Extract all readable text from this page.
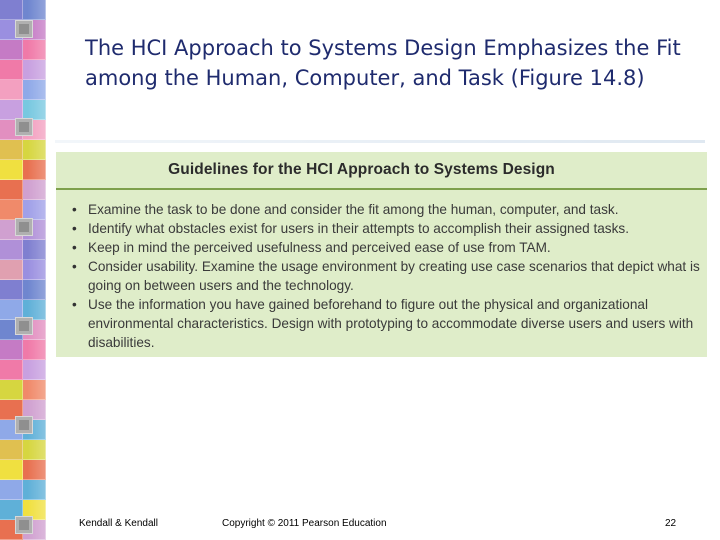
The HCI Approach to Systems Design Emphasizes the Fit among the Human, Computer, and Task (Figure 14.8)
Guidelines for the HCI Approach to Systems Design
• Examine the task to be done and consider the fit among the human, computer, and task.
• Identify what obstacles exist for users in their attempts to accomplish their assigned tasks.
• Keep in mind the perceived usefulness and perceived ease of use from TAM.
• Consider usability. Examine the usage environment by creating use case scenarios that depict what is going on between users and the technology.
• Use the information you have gained beforehand to figure out the physical and organizational environmental characteristics. Design with prototyping to accommodate diverse users and users with disabilities.
Kendall & Kendall	Copyright © 2011 Pearson Education	22
